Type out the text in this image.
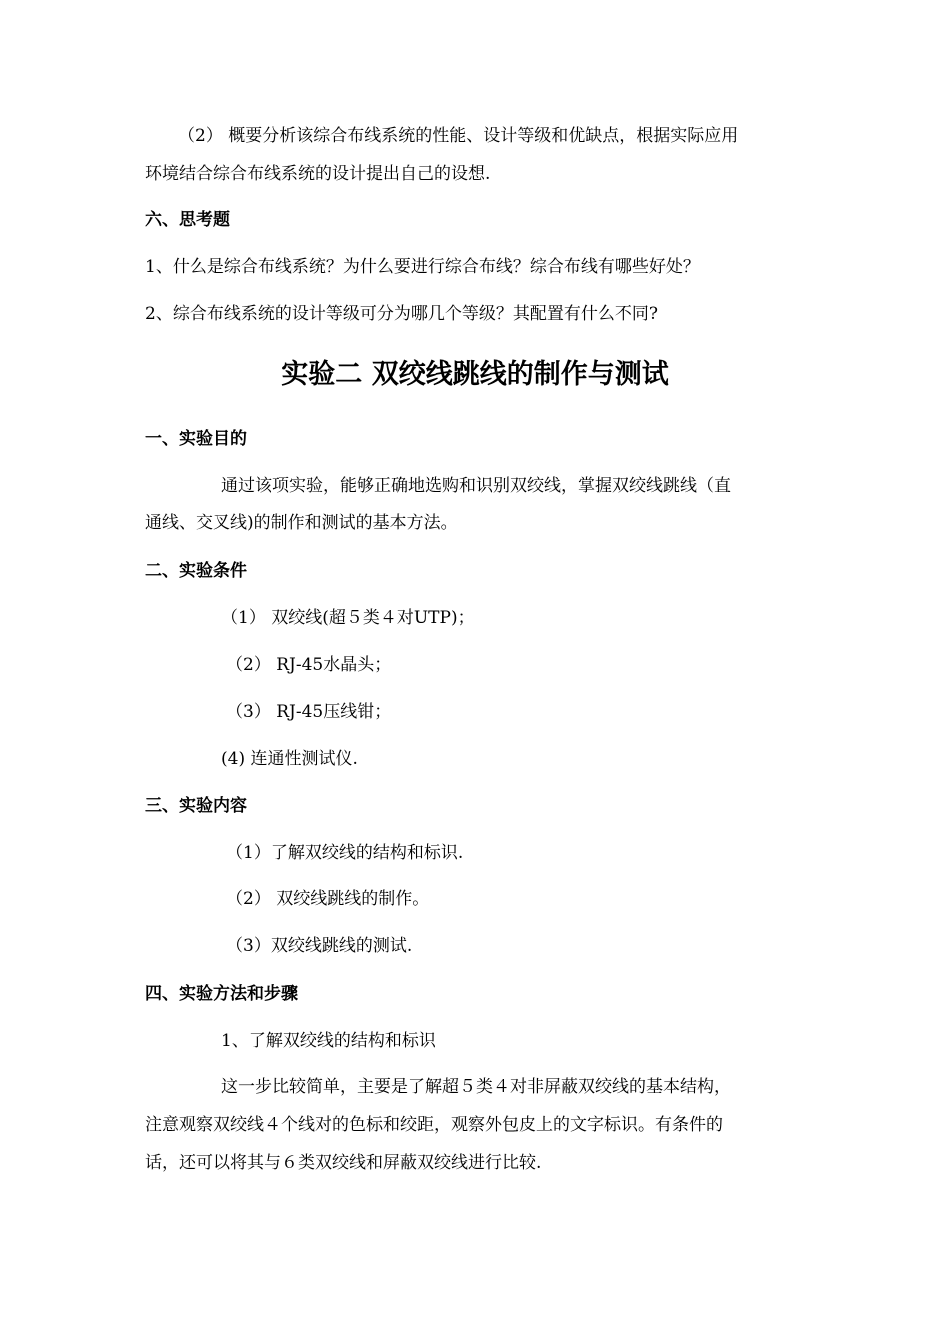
（2） 概要分析该综合布线系统的性能、设计等级和优缺点，根据实际应用
环境结合综合布线系统的设计提出自己的设想.
六、思考题
1、什么是综合布线系统？为什么要进行综合布线？综合布线有哪些好处？
2、综合布线系统的设计等级可分为哪几个等级？其配置有什么不同?
实验二 双绞线跳线的制作与测试
一、实验目的
通过该项实验，能够正确地选购和识别双绞线，掌握双绞线跳线（直
通线、交叉线)的制作和测试的基本方法。
二、实验条件
（1） 双绞线(超５类４对UTP)；
（2） RJ-45水晶头；
（3） RJ-45压线钳；
(4) 连通性测试仪.
三、实验内容
（1）了解双绞线的结构和标识.
（2） 双绞线跳线的制作。
（3）双绞线跳线的测试.
四、实验方法和步骤
1、了解双绞线的结构和标识
这一步比较简单，主要是了解超５类４对非屏蔽双绞线的基本结构，
注意观察双绞线４个线对的色标和绞距，观察外包皮上的文字标识。有条件的
话，还可以将其与６类双绞线和屏蔽双绞线进行比较.
